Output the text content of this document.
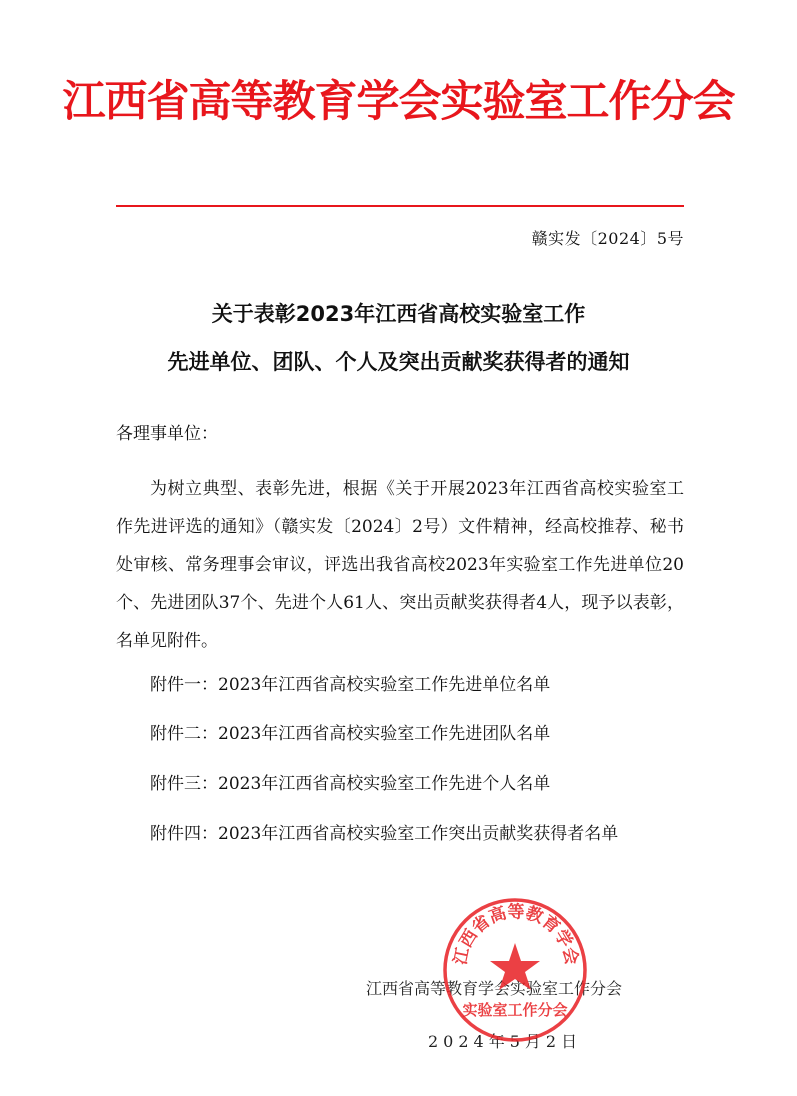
江西省高等教育学会实验室工作分会
赣实发〔2024〕5号
关于表彰2023年江西省高校实验室工作
先进单位、团队、个人及突出贡献奖获得者的通知
各理事单位：

为树立典型、表彰先进，根据《关于开展2023年江西省高校实验室工作先进评选的通知》（赣实发〔2024〕2号）文件精神，经高校推荐、秘书处审核、常务理事会审议，评选出我省高校2023年实验室工作先进单位20个、先进团队37个、先进个人61人、突出贡献奖获得者4人，现予以表彰，名单见附件。

附件一：2023年江西省高校实验室工作先进单位名单
附件二：2023年江西省高校实验室工作先进团队名单
附件三：2023年江西省高校实验室工作先进个人名单
附件四：2023年江西省高校实验室工作突出贡献奖获得者名单
江西省高等教育学会实验室工作分会
2024年5月2日
江西省高等教育学会
实验室工作分会
